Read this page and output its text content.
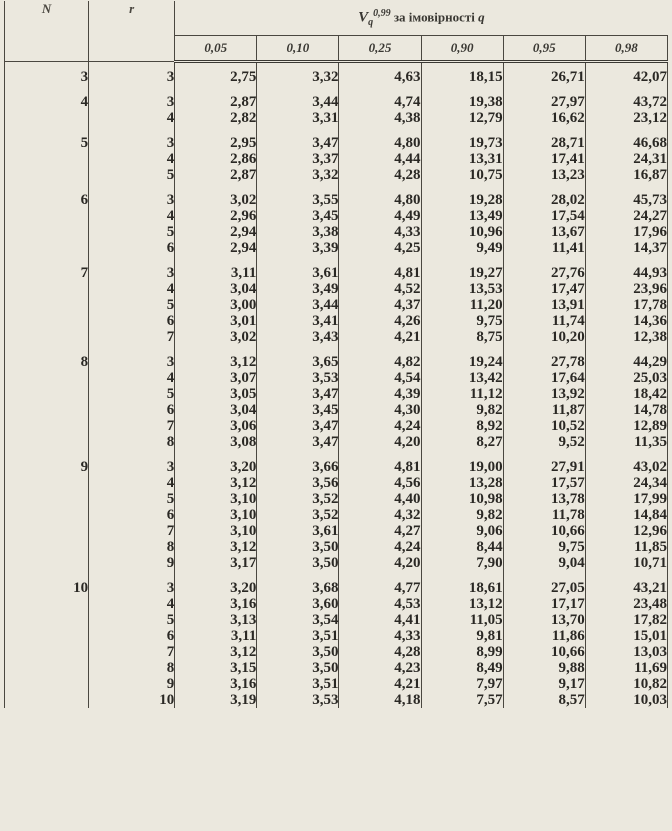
N	r	$V_q^{0,99}$ за імовірності q					
		0,05	0,10	0,25	0,90	0,95	0,98
3	3	2,75	3,32	4,63	18,15	26,71	42,07
4	3	2,87	3,44	4,74	19,38	27,97	43,72
	4	2,82	3,31	4,38	12,79	16,62	23,12
5	3	2,95	3,47	4,80	19,73	28,71	46,68
	4	2,86	3,37	4,44	13,31	17,41	24,31
	5	2,87	3,32	4,28	10,75	13,23	16,87
6	3	3,02	3,55	4,80	19,28	28,02	45,73
	4	2,96	3,45	4,49	13,49	17,54	24,27
	5	2,94	3,38	4,33	10,96	13,67	17,96
	6	2,94	3,39	4,25	9,49	11,41	14,37
7	3	3,11	3,61	4,81	19,27	27,76	44,93
	4	3,04	3,49	4,52	13,53	17,47	23,96
	5	3,00	3,44	4,37	11,20	13,91	17,78
	6	3,01	3,41	4,26	9,75	11,74	14,36
	7	3,02	3,43	4,21	8,75	10,20	12,38
8	3	3,12	3,65	4,82	19,24	27,78	44,29
	4	3,07	3,53	4,54	13,42	17,64	25,03
	5	3,05	3,47	4,39	11,12	13,92	18,42
	6	3,04	3,45	4,30	9,82	11,87	14,78
	7	3,06	3,47	4,24	8,92	10,52	12,89
	8	3,08	3,47	4,20	8,27	9,52	11,35
9	3	3,20	3,66	4,81	19,00	27,91	43,02
	4	3,12	3,56	4,56	13,28	17,57	24,34
	5	3,10	3,52	4,40	10,98	13,78	17,99
	6	3,10	3,52	4,32	9,82	11,78	14,84
	7	3,10	3,61	4,27	9,06	10,66	12,96
	8	3,12	3,50	4,24	8,44	9,75	11,85
	9	3,17	3,50	4,20	7,90	9,04	10,71
10	3	3,20	3,68	4,77	18,61	27,05	43,21
	4	3,16	3,60	4,53	13,12	17,17	23,48
	5	3,13	3,54	4,41	11,05	13,70	17,82
	6	3,11	3,51	4,33	9,81	11,86	15,01
	7	3,12	3,50	4,28	8,99	10,66	13,03
	8	3,15	3,50	4,23	8,49	9,88	11,69
	9	3,16	3,51	4,21	7,97	9,17	10,82
	10	3,19	3,53	4,18	7,57	8,57	10,03
